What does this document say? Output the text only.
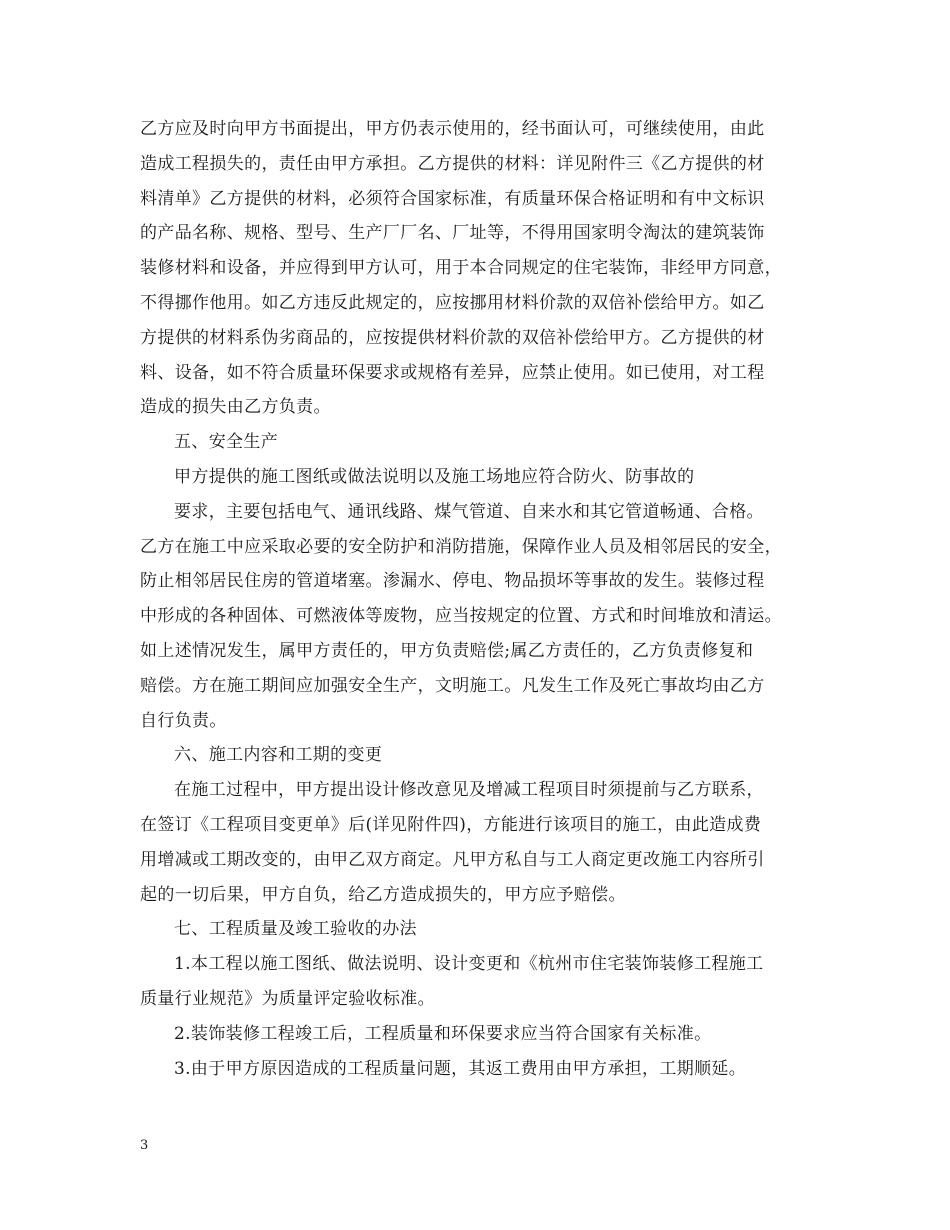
乙方应及时向甲方书面提出，甲方仍表示使用的，经书面认可，可继续使用，由此
造成工程损失的，责任由甲方承担。乙方提供的材料：详见附件三《乙方提供的材
料清单》乙方提供的材料，必须符合国家标准，有质量环保合格证明和有中文标识
的产品名称、规格、型号、生产厂厂名、厂址等，不得用国家明令淘汰的建筑装饰
装修材料和设备，并应得到甲方认可，用于本合同规定的住宅装饰，非经甲方同意，
不得挪作他用。如乙方违反此规定的，应按挪用材料价款的双倍补偿给甲方。如乙
方提供的材料系伪劣商品的，应按提供材料价款的双倍补偿给甲方。乙方提供的材
料、设备，如不符合质量环保要求或规格有差异，应禁止使用。如已使用，对工程
造成的损失由乙方负责。
五、安全生产
甲方提供的施工图纸或做法说明以及施工场地应符合防火、防事故的
要求，主要包括电气、通讯线路、煤气管道、自来水和其它管道畅通、合格。
乙方在施工中应采取必要的安全防护和消防措施，保障作业人员及相邻居民的安全，
防止相邻居民住房的管道堵塞。渗漏水、停电、物品损坏等事故的发生。装修过程
中形成的各种固体、可燃液体等废物，应当按规定的位置、方式和时间堆放和清运。
如上述情况发生，属甲方责任的，甲方负责赔偿;属乙方责任的，乙方负责修复和
赔偿。方在施工期间应加强安全生产，文明施工。凡发生工作及死亡事故均由乙方
自行负责。
六、施工内容和工期的变更
在施工过程中，甲方提出设计修改意见及增减工程项目时须提前与乙方联系，
在签订《工程项目变更单》后(详见附件四)，方能进行该项目的施工，由此造成费
用增减或工期改变的，由甲乙双方商定。凡甲方私自与工人商定更改施工内容所引
起的一切后果，甲方自负，给乙方造成损失的，甲方应予赔偿。
七、工程质量及竣工验收的办法
1.本工程以施工图纸、做法说明、设计变更和《杭州市住宅装饰装修工程施工
质量行业规范》为质量评定验收标准。
2.装饰装修工程竣工后，工程质量和环保要求应当符合国家有关标准。
3.由于甲方原因造成的工程质量问题，其返工费用由甲方承担，工期顺延。
3
